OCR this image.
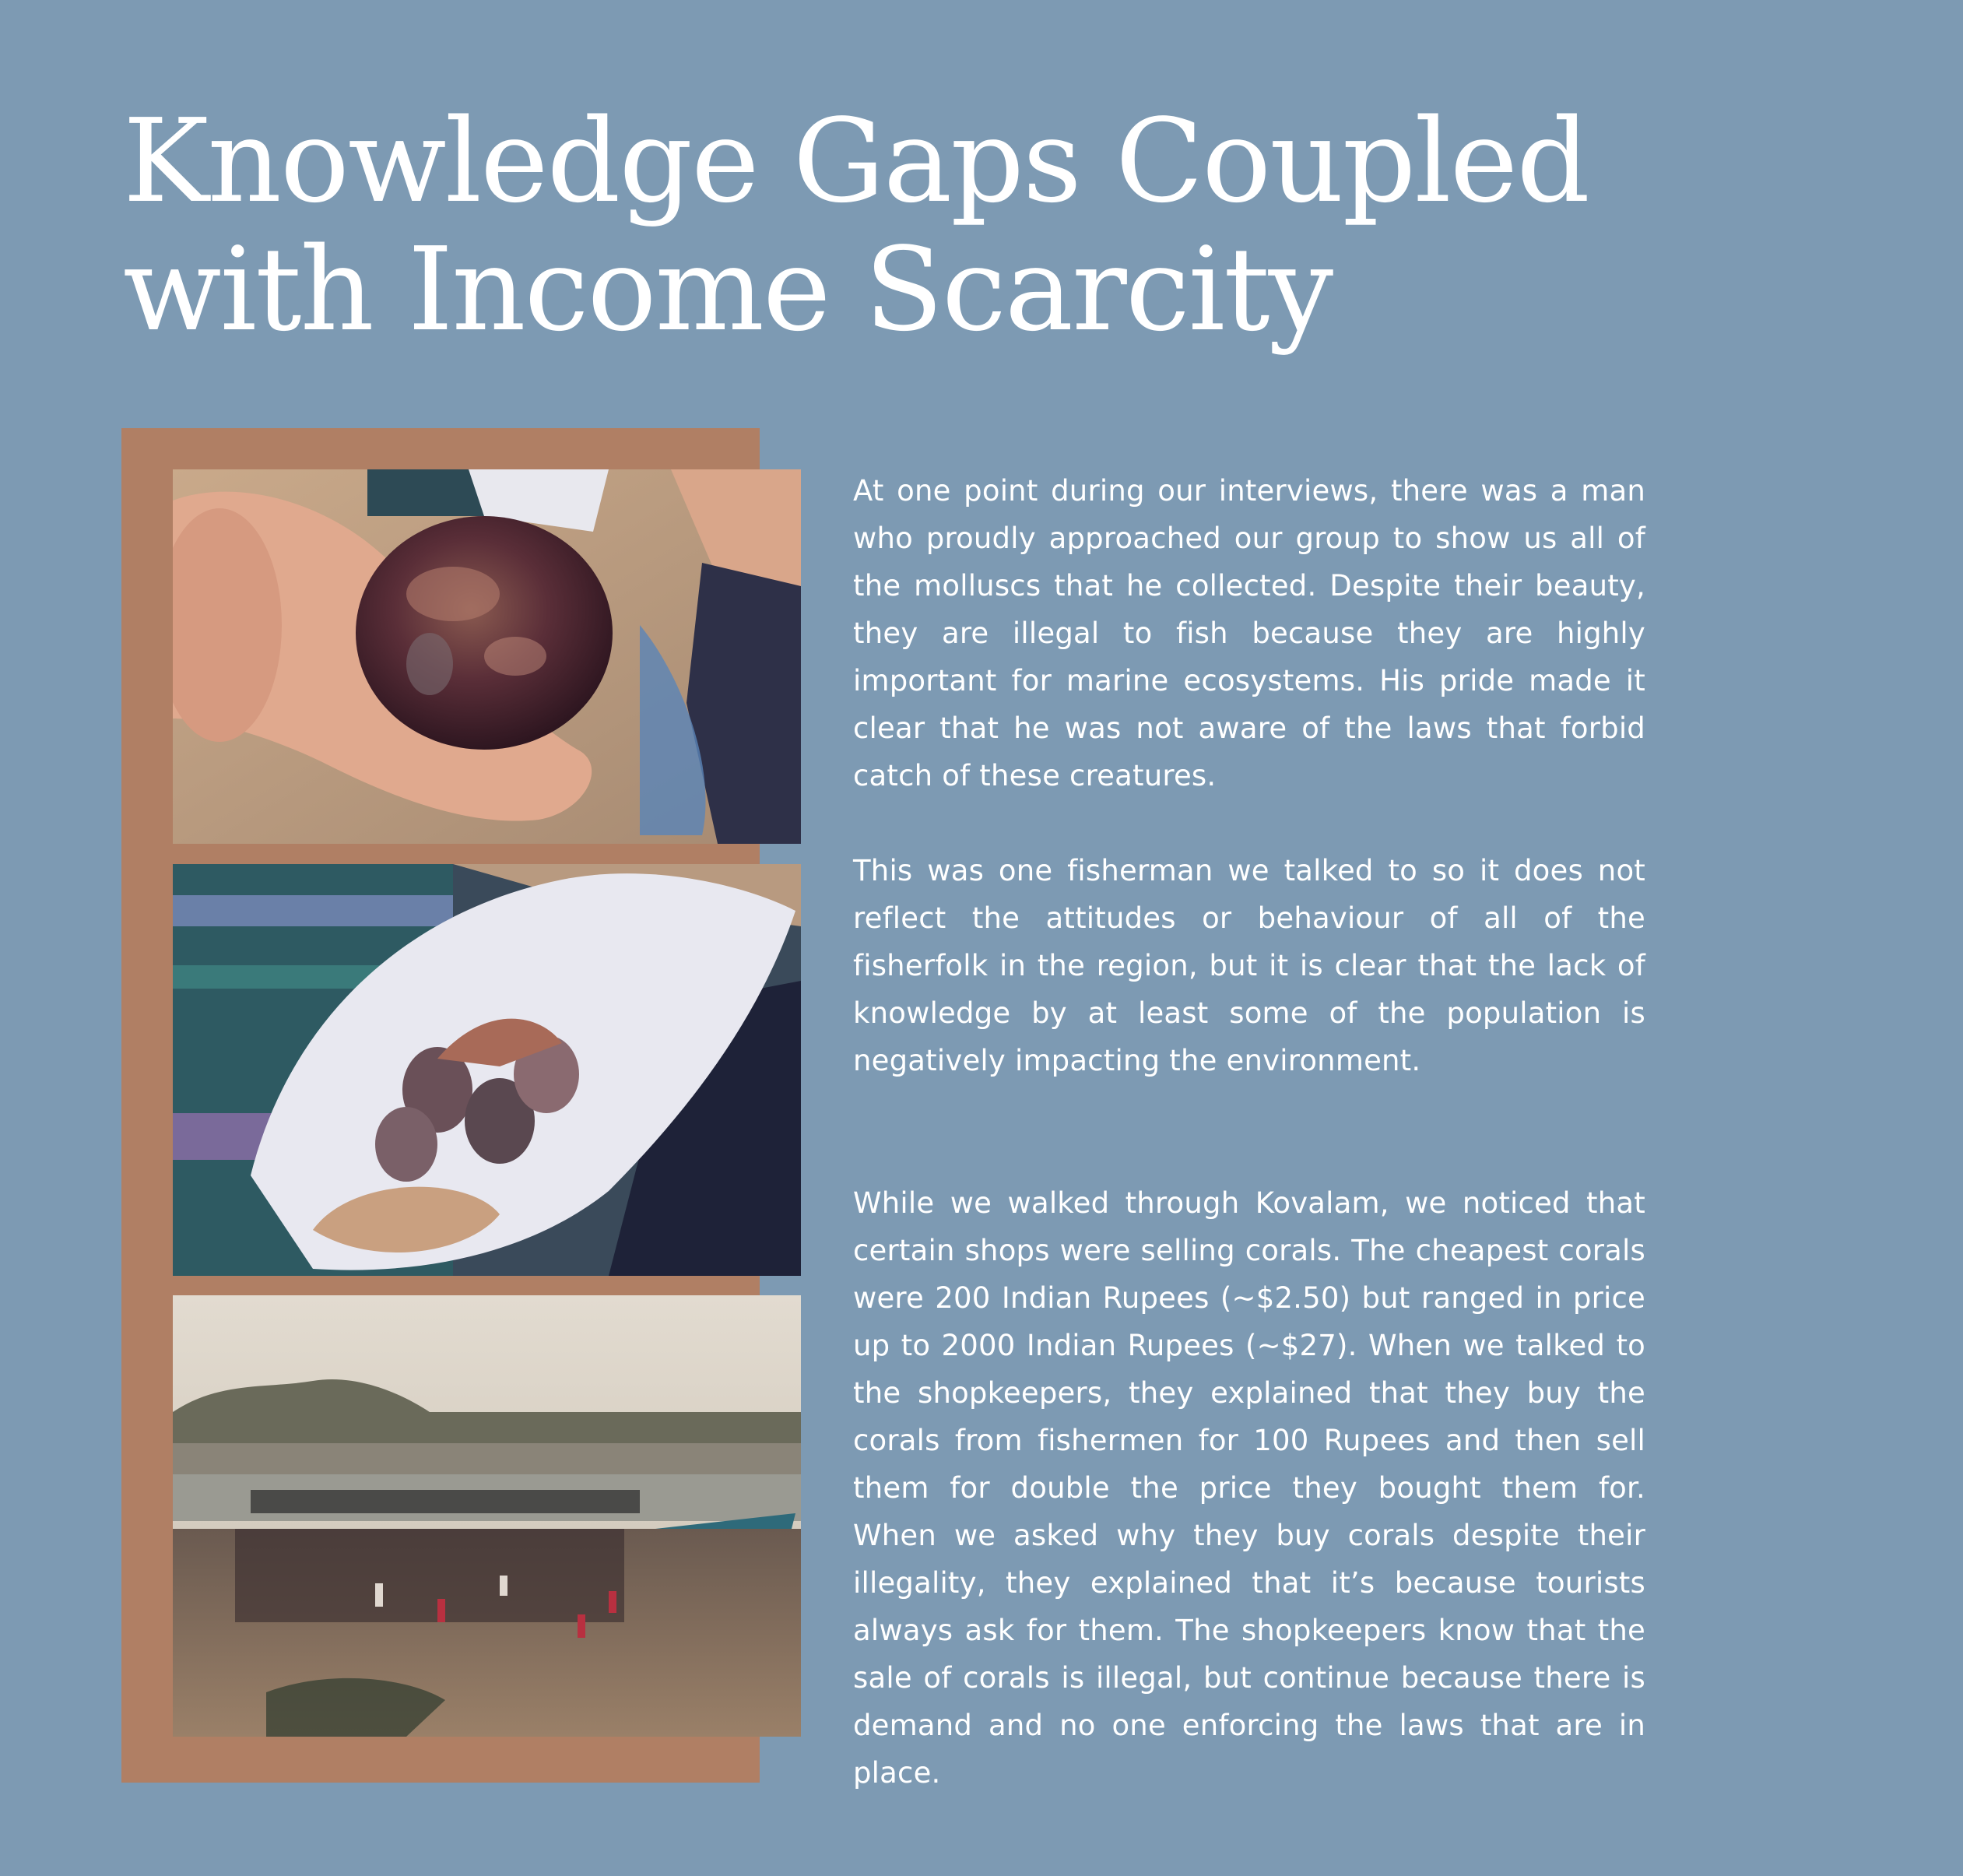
Knowledge Gaps Coupled
with Income Scarcity

At one point during our interviews, there was a man who proudly approached our group to show us all of the molluscs that he collected. Despite their beauty, they are illegal to fish because they are highly important for marine ecosystems. His pride made it clear that he was not aware of the laws that forbid catch of these creatures.

This was one fisherman we talked to so it does not reflect the attitudes or behaviour of all of the fisherfolk in the region, but it is clear that the lack of knowledge by at least some of the population is negatively impacting the environment.

While we walked through Kovalam, we noticed that certain shops were selling corals. The cheapest corals were 200 Indian Rupees (~$2.50) but ranged in price up to 2000 Indian Rupees (~$27). When we talked to the shopkeepers, they explained that they buy the corals from fishermen for 100 Rupees and then sell them for double the price they bought them for. When we asked why they buy corals despite their illegality, they explained that it’s because tourists always ask for them. The shopkeepers know that the sale of corals is illegal, but continue because there is demand and no one enforcing the laws that are in place.
